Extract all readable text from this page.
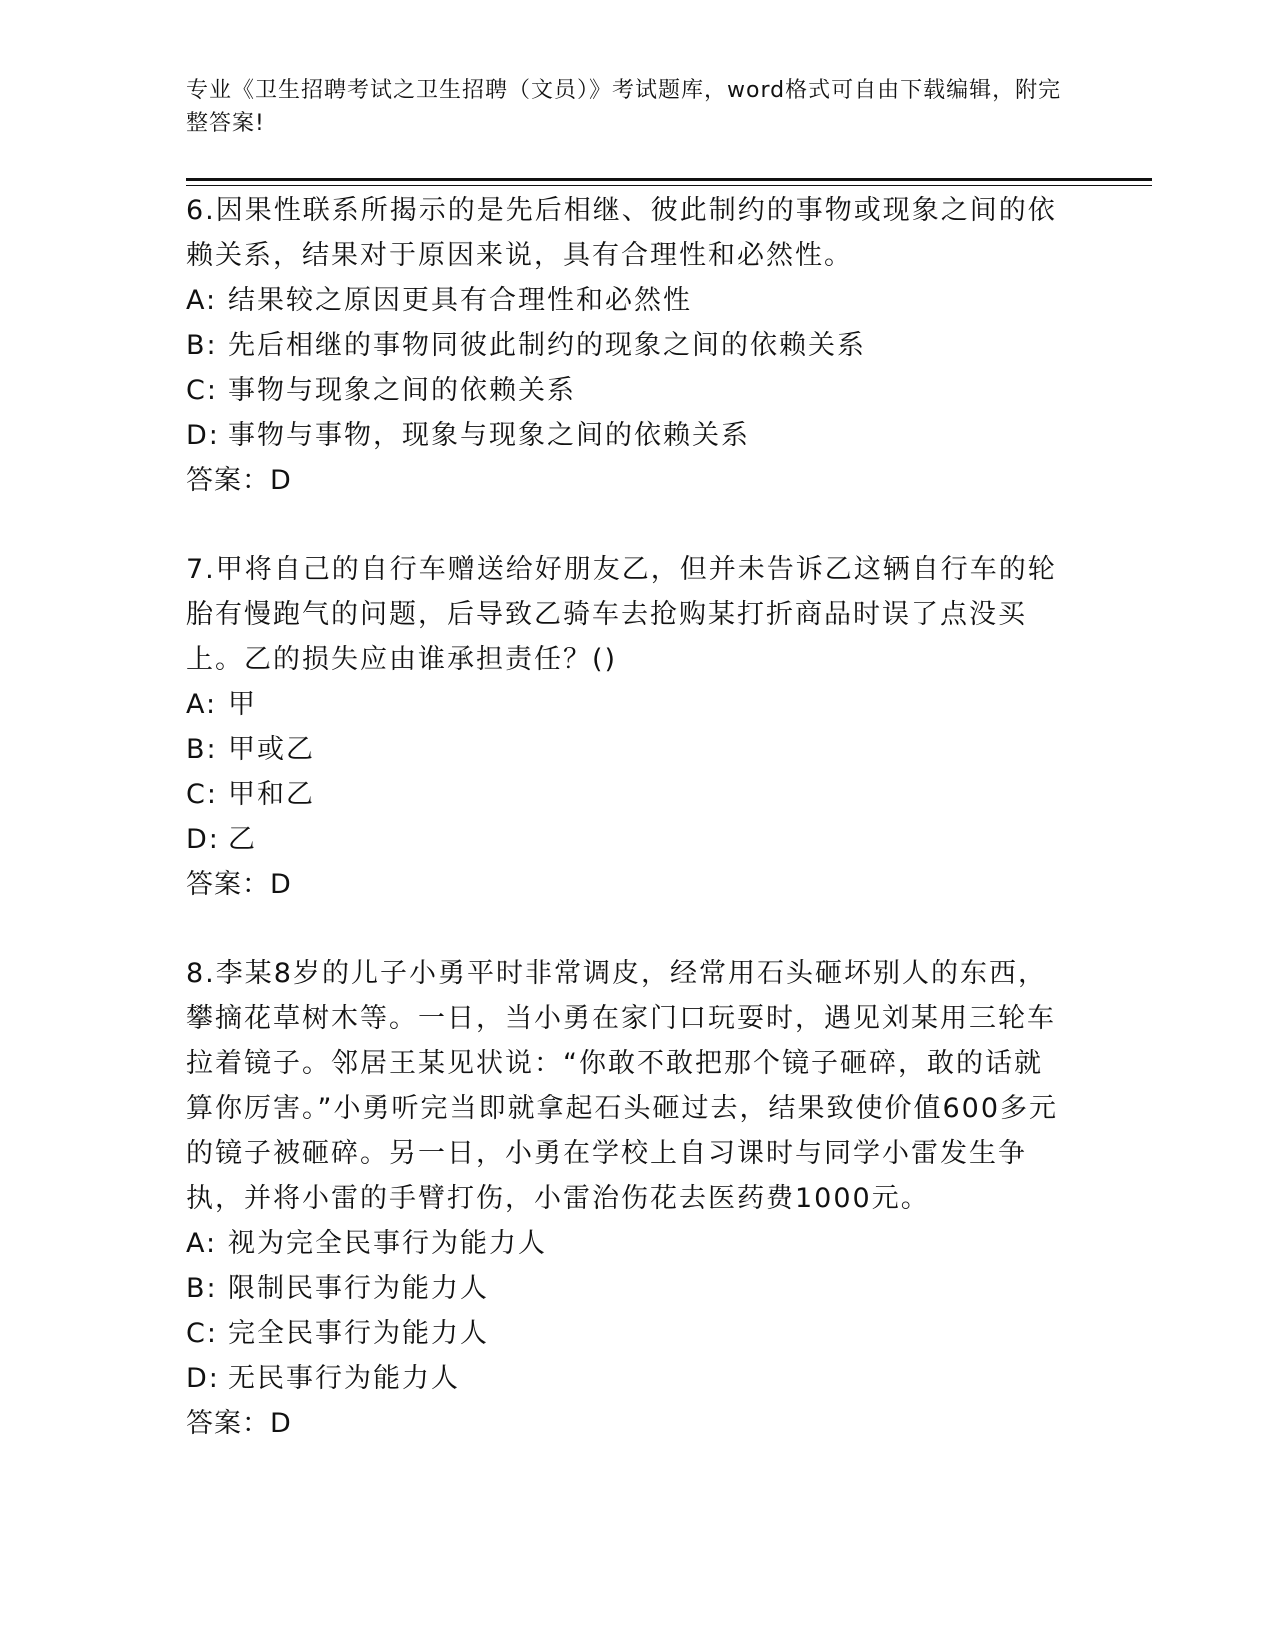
专业《卫生招聘考试之卫生招聘（文员）》考试题库，word格式可自由下载编辑，附完整答案!

6.因果性联系所揭示的是先后相继、彼此制约的事物或现象之间的依赖关系，结果对于原因来说，具有合理性和必然性。

A: 结果较之原因更具有合理性和必然性

B: 先后相继的事物同彼此制约的现象之间的依赖关系

C: 事物与现象之间的依赖关系

D: 事物与事物，现象与现象之间的依赖关系

答案：D

7.甲将自己的自行车赠送给好朋友乙，但并未告诉乙这辆自行车的轮胎有慢跑气的问题，后导致乙骑车去抢购某打折商品时误了点没买上。乙的损失应由谁承担责任？()

A: 甲

B: 甲或乙

C: 甲和乙

D: 乙

答案：D

8.李某8岁的儿子小勇平时非常调皮，经常用石头砸坏别人的东西，攀摘花草树木等。一日，当小勇在家门口玩耍时，遇见刘某用三轮车拉着镜子。邻居王某见状说：“你敢不敢把那个镜子砸碎，敢的话就算你厉害。”小勇听完当即就拿起石头砸过去，结果致使价值600多元的镜子被砸碎。另一日，小勇在学校上自习课时与同学小雷发生争执，并将小雷的手臂打伤，小雷治伤花去医药费1000元。

A: 视为完全民事行为能力人

B: 限制民事行为能力人

C: 完全民事行为能力人

D: 无民事行为能力人

答案：D
